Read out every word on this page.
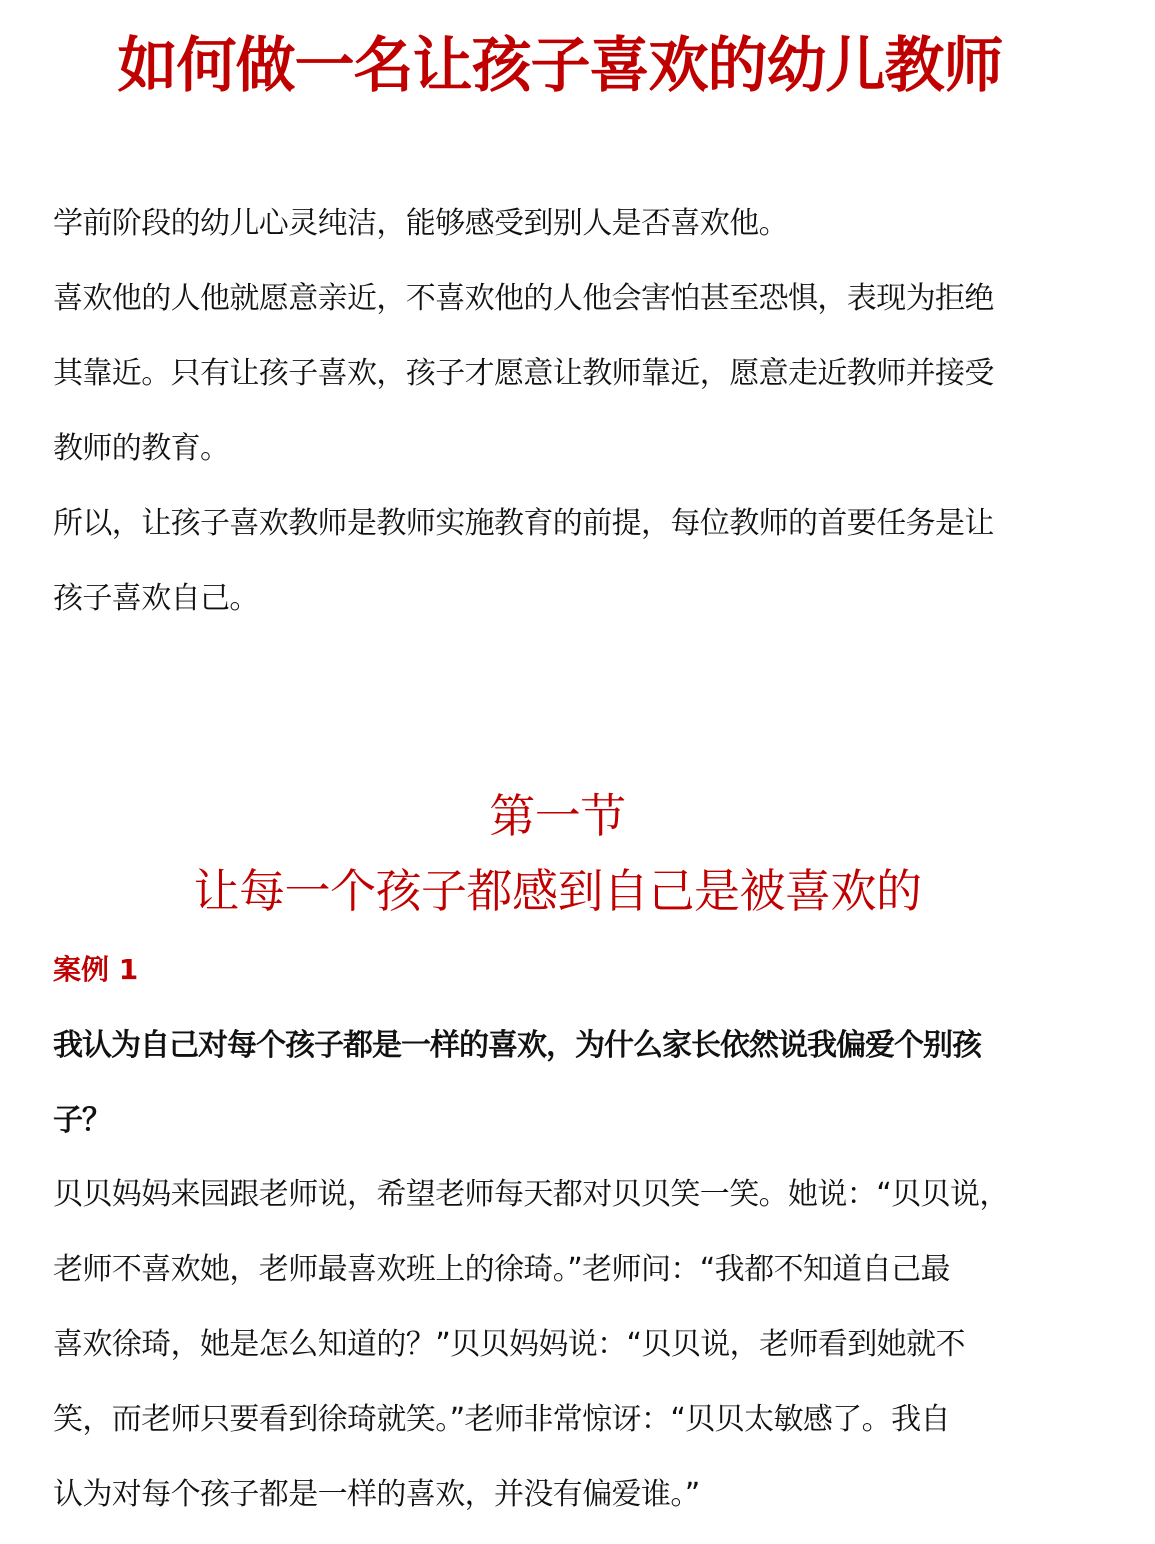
如何做一名让孩子喜欢的幼儿教师
学前阶段的幼儿心灵纯洁，能够感受到别人是否喜欢他。
喜欢他的人他就愿意亲近，不喜欢他的人他会害怕甚至恐惧，表现为拒绝
其靠近。只有让孩子喜欢，孩子才愿意让教师靠近，愿意走近教师并接受
教师的教育。
所以，让孩子喜欢教师是教师实施教育的前提，每位教师的首要任务是让
孩子喜欢自己。
第一节
让每一个孩子都感到自己是被喜欢的
案例 1
我认为自己对每个孩子都是一样的喜欢，为什么家长依然说我偏爱个别孩
子？
贝贝妈妈来园跟老师说，希望老师每天都对贝贝笑一笑。她说：“贝贝说，
老师不喜欢她，老师最喜欢班上的徐琦。”老师问：“我都不知道自己最
喜欢徐琦，她是怎么知道的？”贝贝妈妈说：“贝贝说，老师看到她就不
笑，而老师只要看到徐琦就笑。”老师非常惊讶：“贝贝太敏感了。我自
认为对每个孩子都是一样的喜欢，并没有偏爱谁。”
